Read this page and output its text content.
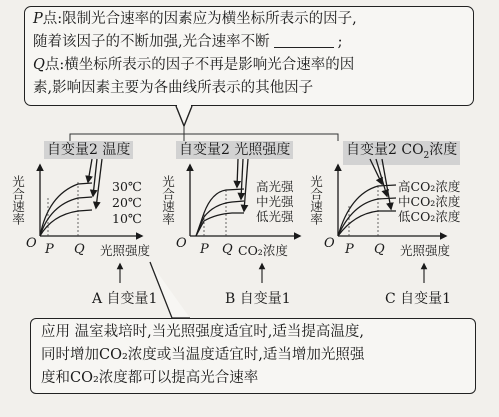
P点:限制光合速率的因素应为横坐标所表示的因子,
随着该因子的不断加强,光合速率不断	;
Q点:横坐标所表示的因子不再是影响光合速率的因
素,影响因素主要为各曲线所表示的其他因子
自变量2 温度	自变量2 光照强度	自变量2 $CO_2$浓度
A 自变量1	B 自变量1	C 自变量1
应用 温室栽培时,当光照强度适宜时,适当提高温度,
同时增加CO₂浓度或当温度适宜时,适当增加光照强
度和CO₂浓度都可以提高光合速率
30℃
20℃
10℃
O P Q 光照强度
光合速率	高光强
中光强
低光强
O P Q CO₂浓度
光合速率	高CO₂浓度
中CO₂浓度
低CO₂浓度
O P Q 光照强度
光合速率
